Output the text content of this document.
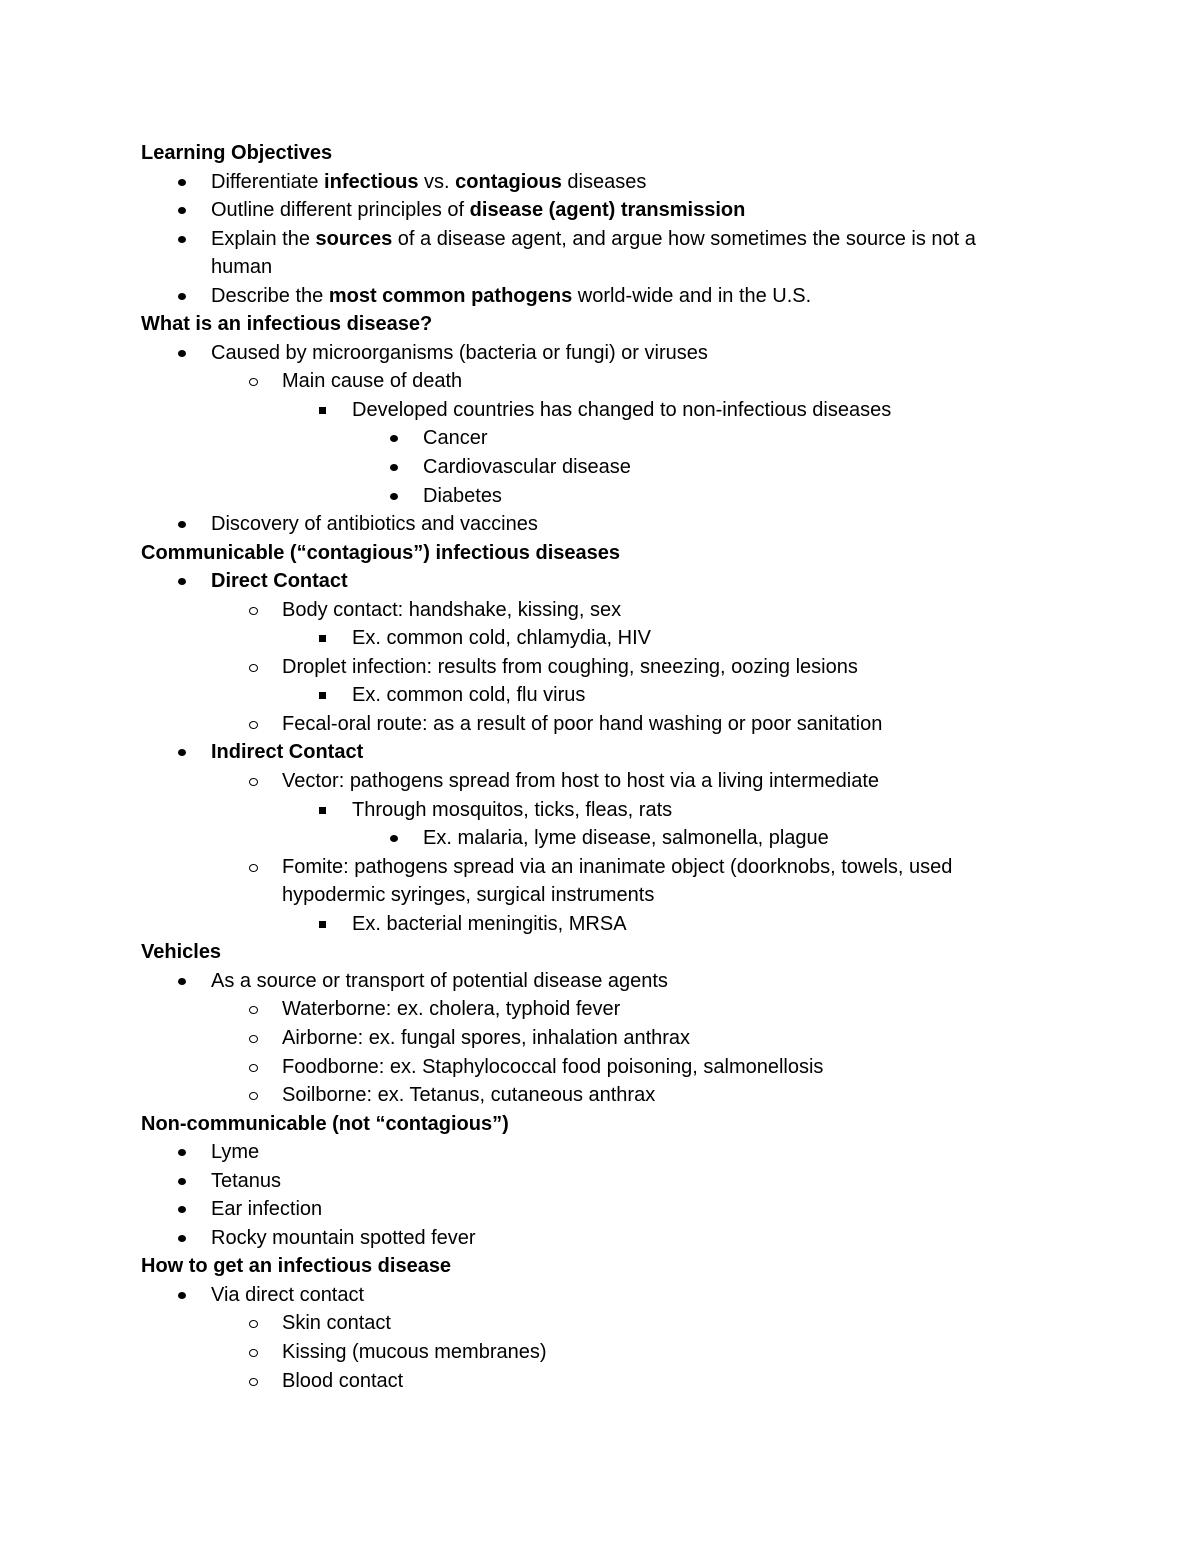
Learning Objectives
Differentiate infectious vs. contagious diseases
Outline different principles of disease (agent) transmission
Explain the sources of a disease agent, and argue how sometimes the source is not a
human
Describe the most common pathogens world-wide and in the U.S.
What is an infectious disease?
Caused by microorganisms (bacteria or fungi) or viruses
Main cause of death
Developed countries has changed to non-infectious diseases
Cancer
Cardiovascular disease
Diabetes
Discovery of antibiotics and vaccines
Communicable (“contagious”) infectious diseases
Direct Contact
Body contact: handshake, kissing, sex
Ex. common cold, chlamydia, HIV
Droplet infection: results from coughing, sneezing, oozing lesions
Ex. common cold, flu virus
Fecal-oral route: as a result of poor hand washing or poor sanitation
Indirect Contact
Vector: pathogens spread from host to host via a living intermediate
Through mosquitos, ticks, fleas, rats
Ex. malaria, lyme disease, salmonella, plague
Fomite: pathogens spread via an inanimate object (doorknobs, towels, used
hypodermic syringes, surgical instruments
Ex. bacterial meningitis, MRSA
Vehicles
As a source or transport of potential disease agents
Waterborne: ex. cholera, typhoid fever
Airborne: ex. fungal spores, inhalation anthrax
Foodborne: ex. Staphylococcal food poisoning, salmonellosis
Soilborne: ex. Tetanus, cutaneous anthrax
Non-communicable (not “contagious”)
Lyme
Tetanus
Ear infection
Rocky mountain spotted fever
How to get an infectious disease
Via direct contact
Skin contact
Kissing (mucous membranes)
Blood contact
